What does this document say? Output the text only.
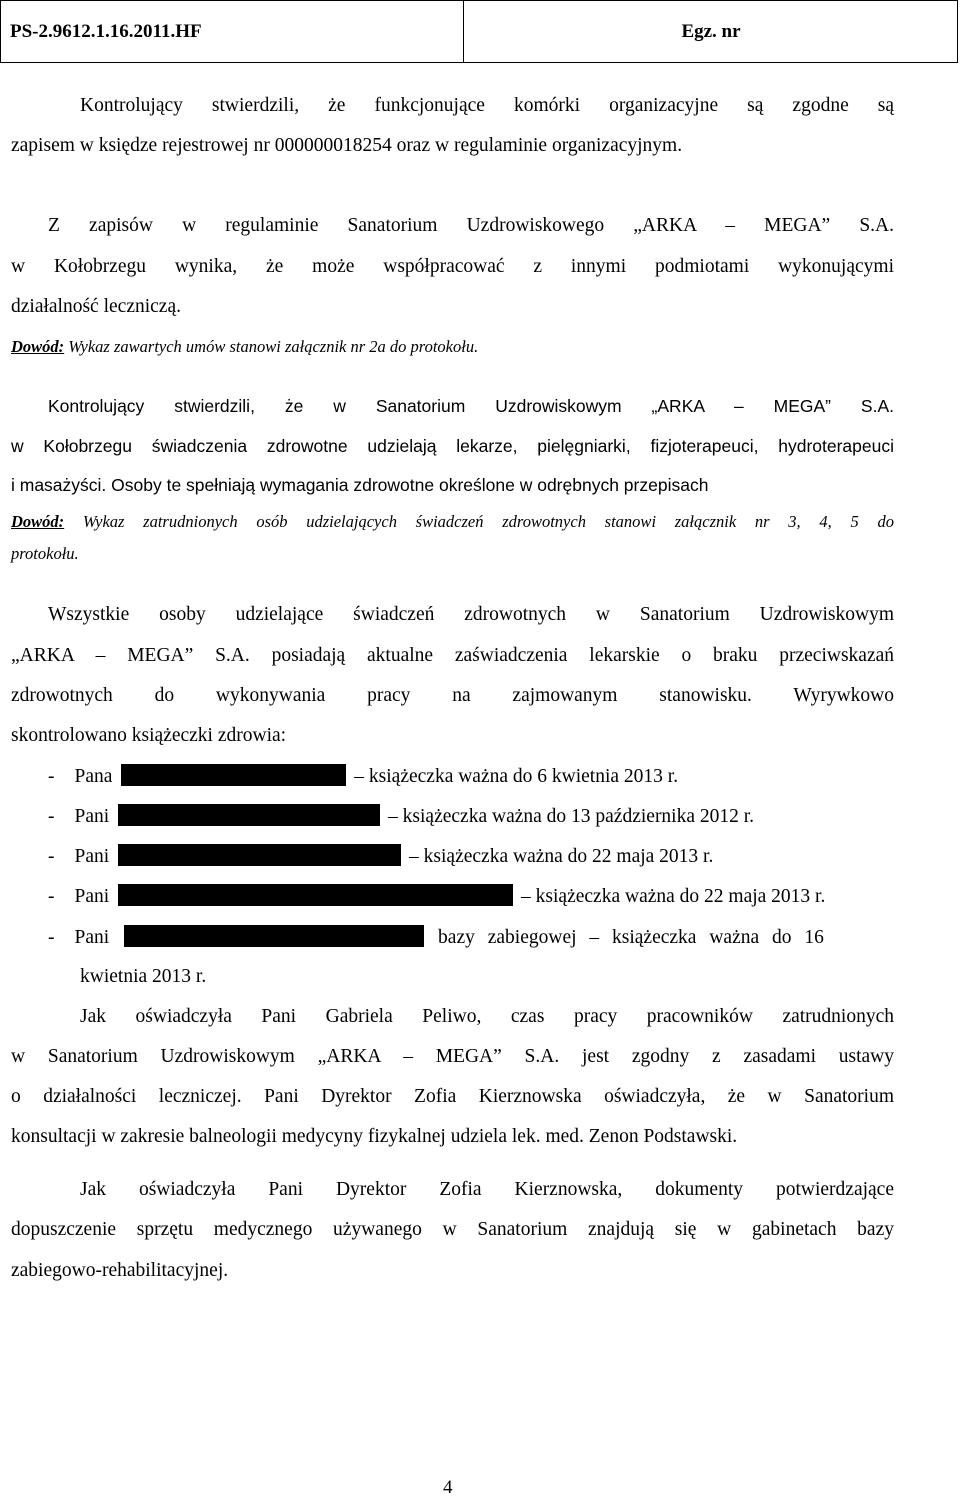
PS-2.9612.1.16.2011.HF	Egz. nr
Kontrolujący stwierdzili, że funkcjonujące komórki organizacyjne są zgodne są
zapisem w księdze rejestrowej nr 000000018254 oraz w regulaminie organizacyjnym.
Z zapisów w regulaminie Sanatorium Uzdrowiskowego „ARKA – MEGA” S.A.
w Kołobrzegu wynika, że może współpracować z innymi podmiotami wykonującymi
działalność leczniczą.
Dowód: Wykaz zawartych umów stanowi załącznik nr 2a do protokołu.
Kontrolujący stwierdzili, że w Sanatorium Uzdrowiskowym „ARKA – MEGA” S.A.
w Kołobrzegu świadczenia zdrowotne udzielają lekarze, pielęgniarki, fizjoterapeuci, hydroterapeuci
i masażyści. Osoby te spełniają wymagania zdrowotne określone w odrębnych przepisach
Dowód: Wykaz zatrudnionych osób udzielających świadczeń zdrowotnych stanowi załącznik nr 3, 4, 5 do
protokołu.
Wszystkie osoby udzielające świadczeń zdrowotnych w Sanatorium Uzdrowiskowym
„ARKA – MEGA” S.A. posiadają aktualne zaświadczenia lekarskie o braku przeciwskazań
zdrowotnych do wykonywania pracy na zajmowanym stanowisku. Wyrywkowo
skontrolowano książeczki zdrowia:
- Pana	– książeczka ważna do 6 kwietnia 2013 r.
- Pani	– książeczka ważna do 13 października 2012 r.
- Pani	– książeczka ważna do 22 maja 2013 r.
- Pani	– książeczka ważna do 22 maja 2013 r.
- Pani	bazy zabiegowej – książeczka ważna do 16
kwietnia 2013 r.
Jak oświadczyła Pani Gabriela Peliwo, czas pracy pracowników zatrudnionych
w Sanatorium Uzdrowiskowym „ARKA – MEGA” S.A. jest zgodny z zasadami ustawy
o działalności leczniczej. Pani Dyrektor Zofia Kierznowska oświadczyła, że w Sanatorium
konsultacji w zakresie balneologii medycyny fizykalnej udziela lek. med. Zenon Podstawski.
Jak oświadczyła Pani Dyrektor Zofia Kierznowska, dokumenty potwierdzające
dopuszczenie sprzętu medycznego używanego w Sanatorium znajdują się w gabinetach bazy
zabiegowo-rehabilitacyjnej.
4
